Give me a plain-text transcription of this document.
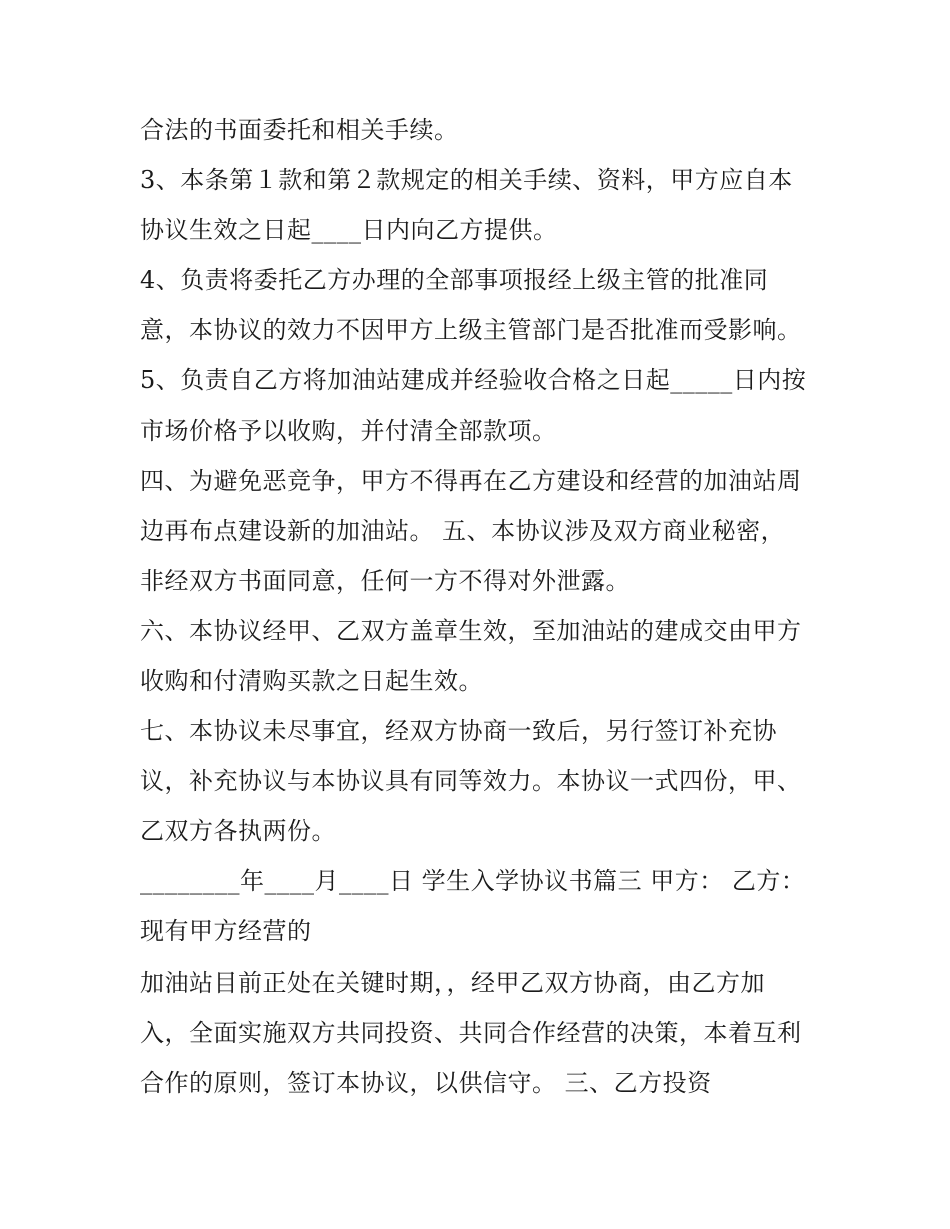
合法的书面委托和相关手续。
3、本条第１款和第２款规定的相关手续、资料，甲方应自本
协议生效之日起____日内向乙方提供。
4、负责将委托乙方办理的全部事项报经上级主管的批准同
意，本协议的效力不因甲方上级主管部门是否批准而受影响。
5、负责自乙方将加油站建成并经验收合格之日起_____日内按
市场价格予以收购，并付清全部款项。
四、为避免恶竞争，甲方不得再在乙方建设和经营的加油站周
边再布点建设新的加油站。 五、本协议涉及双方商业秘密，
非经双方书面同意，任何一方不得对外泄露。
六、本协议经甲、乙双方盖章生效，至加油站的建成交由甲方
收购和付清购买款之日起生效。
七、本协议未尽事宜，经双方协商一致后，另行签订补充协
议，补充协议与本协议具有同等效力。本协议一式四份，甲、
乙双方各执两份。
________年____月____日 学生入学协议书篇三 甲方： 乙方：
现有甲方经营的
加油站目前正处在关键时期，，经甲乙双方协商，由乙方加
入，全面实施双方共同投资、共同合作经营的决策，本着互利
合作的原则，签订本协议，以供信守。 三、乙方投资
